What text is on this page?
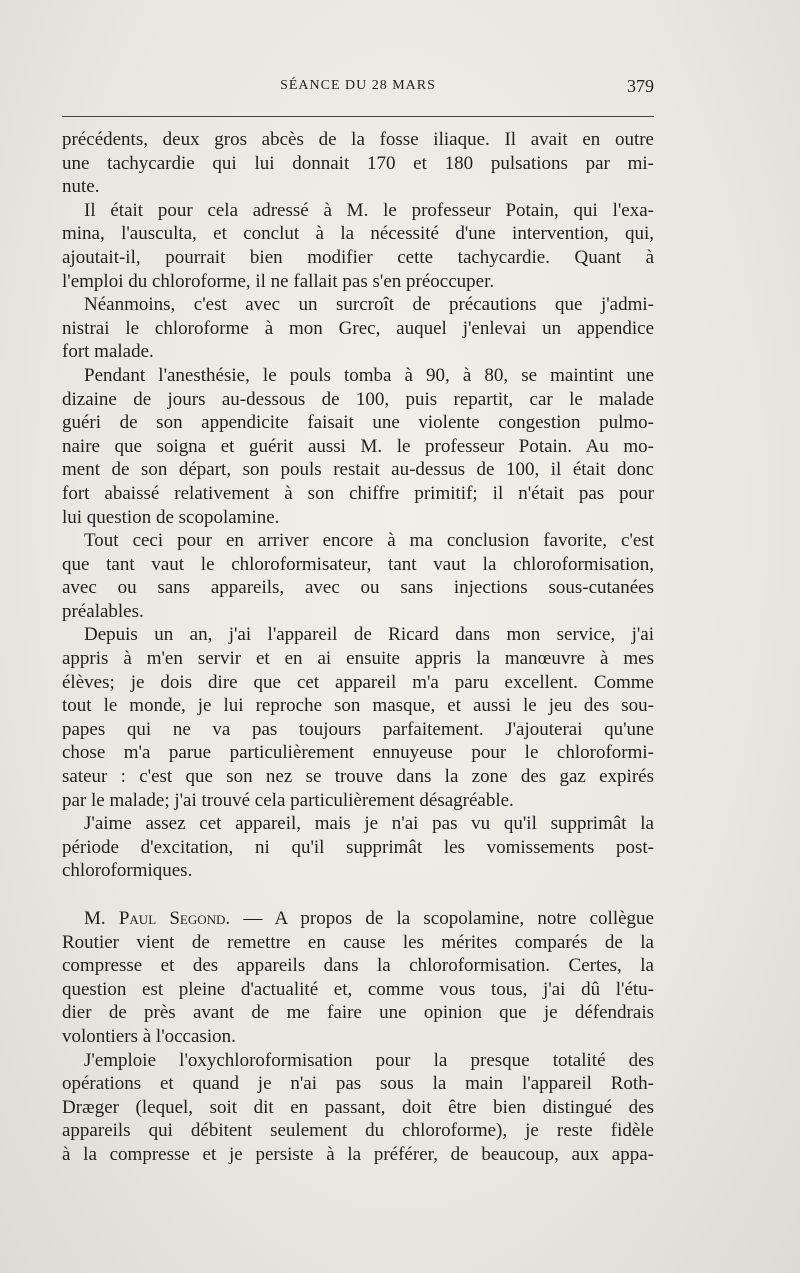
SÉANCE DU 28 MARS	379
précédents, deux gros abcès de la fosse iliaque. Il avait en outre
une tachycardie qui lui donnait 170 et 180 pulsations par mi-
nute.
Il était pour cela adressé à M. le professeur Potain, qui l'exa-
mina, l'ausculta, et conclut à la nécessité d'une intervention, qui,
ajoutait-il, pourrait bien modifier cette tachycardie. Quant à
l'emploi du chloroforme, il ne fallait pas s'en préoccuper.
Néanmoins, c'est avec un surcroît de précautions que j'admi-
nistrai le chloroforme à mon Grec, auquel j'enlevai un appendice
fort malade.
Pendant l'anesthésie, le pouls tomba à 90, à 80, se maintint une
dizaine de jours au-dessous de 100, puis repartit, car le malade
guéri de son appendicite faisait une violente congestion pulmo-
naire que soigna et guérit aussi M. le professeur Potain. Au mo-
ment de son départ, son pouls restait au-dessus de 100, il était donc
fort abaissé relativement à son chiffre primitif; il n'était pas pour
lui question de scopolamine.
Tout ceci pour en arriver encore à ma conclusion favorite, c'est
que tant vaut le chloroformisateur, tant vaut la chloroformisation,
avec ou sans appareils, avec ou sans injections sous-cutanées
préalables.
Depuis un an, j'ai l'appareil de Ricard dans mon service, j'ai
appris à m'en servir et en ai ensuite appris la manœuvre à mes
élèves; je dois dire que cet appareil m'a paru excellent. Comme
tout le monde, je lui reproche son masque, et aussi le jeu des sou-
papes qui ne va pas toujours parfaitement. J'ajouterai qu'une
chose m'a parue particulièrement ennuyeuse pour le chloroformi-
sateur : c'est que son nez se trouve dans la zone des gaz expirés
par le malade; j'ai trouvé cela particulièrement désagréable.
J'aime assez cet appareil, mais je n'ai pas vu qu'il supprimât la
période d'excitation, ni qu'il supprimât les vomissements post-
chloroformiques.
M. Paul Segond. — A propos de la scopolamine, notre collègue
Routier vient de remettre en cause les mérites comparés de la
compresse et des appareils dans la chloroformisation. Certes, la
question est pleine d'actualité et, comme vous tous, j'ai dû l'étu-
dier de près avant de me faire une opinion que je défendrais
volontiers à l'occasion.
J'emploie l'oxychloroformisation pour la presque totalité des
opérations et quand je n'ai pas sous la main l'appareil Roth-
Dræger (lequel, soit dit en passant, doit être bien distingué des
appareils qui débitent seulement du chloroforme), je reste fidèle
à la compresse et je persiste à la préférer, de beaucoup, aux appa-
